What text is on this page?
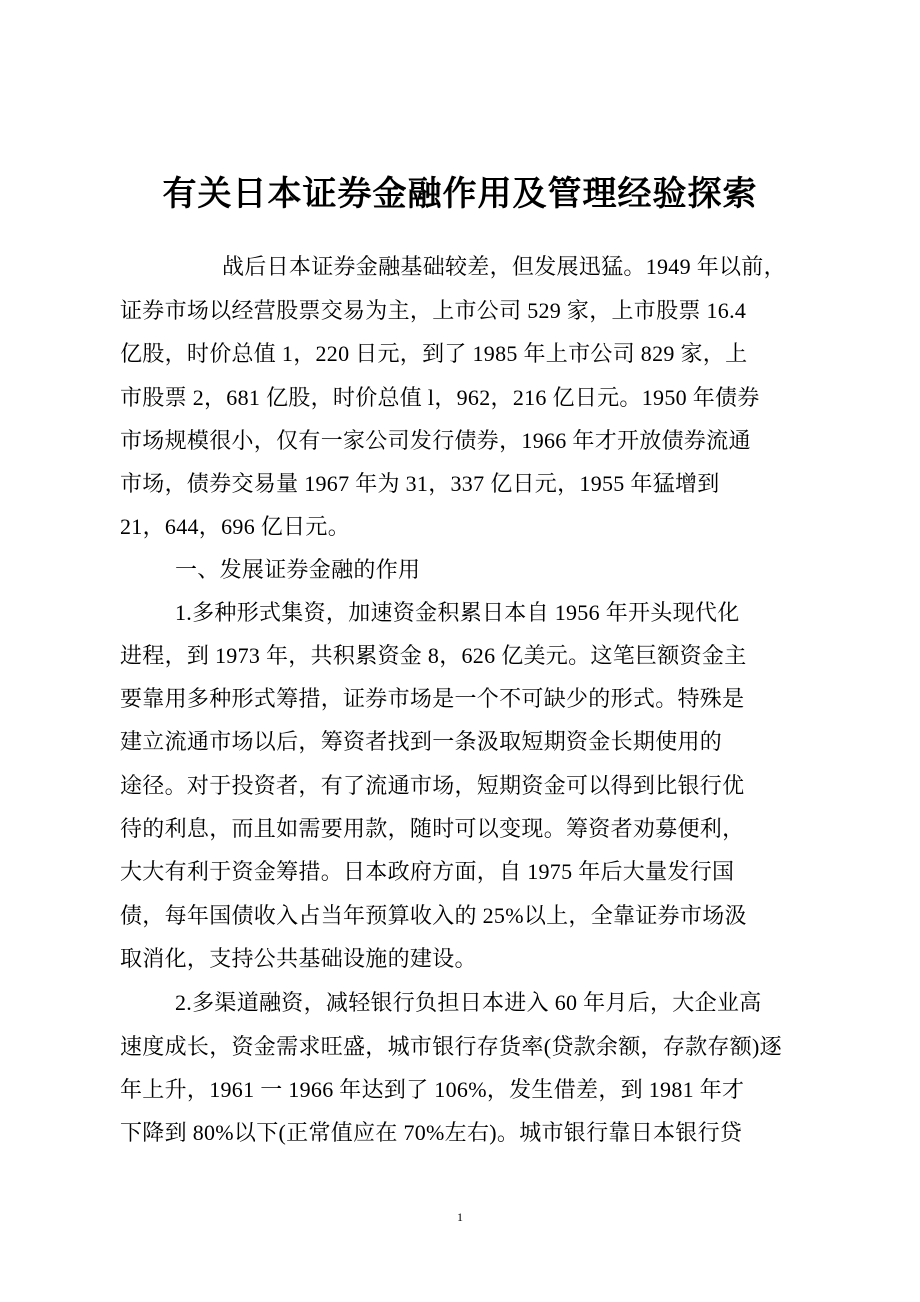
有关日本证券金融作用及管理经验探索
战后日本证券金融基础较差，但发展迅猛。1949 年以前，
证券市场以经营股票交易为主，上市公司 529 家，上市股票 16.4
亿股，时价总值 1，220 日元，到了 1985 年上市公司 829 家，上
市股票 2，681 亿股，时价总值 l，962，216 亿日元。1950 年债券
市场规模很小，仅有一家公司发行债券，1966 年才开放债券流通
市场，债券交易量 1967 年为 31，337 亿日元，1955 年猛增到
21，644，696 亿日元。
一、发展证券金融的作用
1.多种形式集资，加速资金积累日本自 1956 年开头现代化
进程，到 1973 年，共积累资金 8，626 亿美元。这笔巨额资金主
要靠用多种形式筹措，证券市场是一个不可缺少的形式。特殊是
建立流通市场以后，筹资者找到一条汲取短期资金长期使用的
途径。对于投资者，有了流通市场，短期资金可以得到比银行优
待的利息，而且如需要用款，随时可以变现。筹资者劝募便利，
大大有利于资金筹措。日本政府方面，自 1975 年后大量发行国
债，每年国债收入占当年预算收入的 25%以上，全靠证券市场汲
取消化，支持公共基础设施的建设。
2.多渠道融资，减轻银行负担日本进入 60 年月后，大企业高
速度成长，资金需求旺盛，城市银行存货率(贷款余额，存款存额)逐
年上升，1961 一 1966 年达到了 106%，发生借差，到 1981 年才
下降到 80%以下(正常值应在 70%左右)。城市银行靠日本银行贷
1
